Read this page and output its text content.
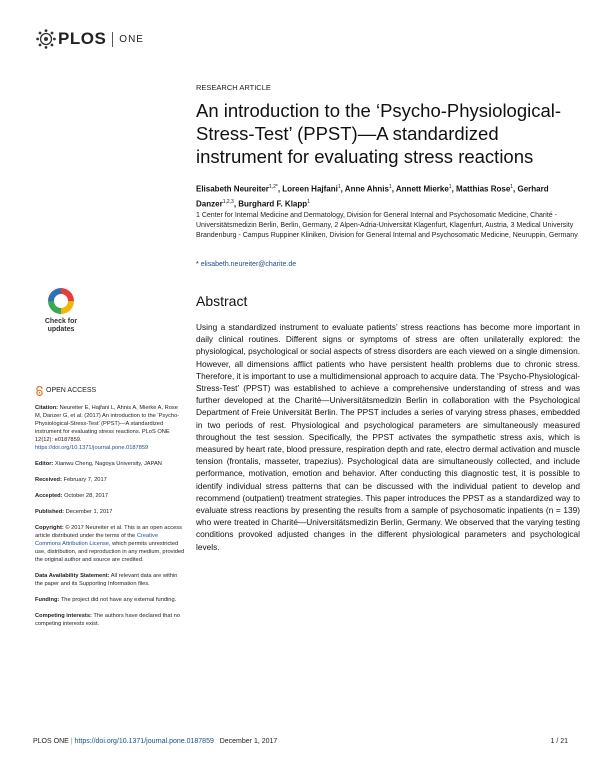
PLOS ONE
RESEARCH ARTICLE
An introduction to the ‘Psycho-Physiological-Stress-Test’ (PPST)—A standardized instrument for evaluating stress reactions
Elisabeth Neureiter$^{1,2*}$, Loreen Hajfani$^1$, Anne Ahnis$^1$, Annett Mierke$^1$, Matthias Rose$^1$, Gerhard Danzer$^{1,2,3}$, Burghard F. Klapp$^1$
1 Center for Internal Medicine and Dermatology, Division for General Internal and Psychosomatic Medicine, Charité - Universitätsmedizin Berlin, Berlin, Germany, 2 Alpen-Adria-Universität Klagenfurt, Klagenfurt, Austria, 3 Medical University Brandenburg - Campus Ruppiner Kliniken, Division for General Internal and Psychosomatic Medicine, Neuruppin, Germany
* elisabeth.neureiter@charite.de
Abstract

Using a standardized instrument to evaluate patients’ stress reactions has become more important in daily clinical routines. Different signs or symptoms of stress are often unilaterally explored: the physiological, psychological or social aspects of stress disorders are each viewed on a single dimension. However, all dimensions afflict patients who have persistent health problems due to chronic stress. Therefore, it is important to use a multidimensional approach to acquire data. The ‘Psycho-Physiological-Stress-Test’ (PPST) was established to achieve a comprehensive understanding of stress and was further developed at the Charité—Universitätsmedizin Berlin in collaboration with the Psychological Department of Freie Universität Berlin. The PPST includes a series of varying stress phases, embedded in two periods of rest. Physiological and psychological parameters are simultaneously measured throughout the test session. Specifically, the PPST activates the sympathetic stress axis, which is measured by heart rate, blood pressure, respiration depth and rate, electro dermal activation and muscle tension (frontalis, masseter, trapezius). Psychological data are simultaneously collected, and include performance, motivation, emotion and behavior. After conducting this diagnostic test, it is possible to identify individual stress patterns that can be discussed with the individual patient to develop and recommend (outpatient) treatment strategies. This paper introduces the PPST as a standardized way to evaluate stress reactions by presenting the results from a sample of psychosomatic inpatients (n = 139) who were treated in Charité—Universitätsmedizin Berlin, Germany. We observed that the varying testing conditions provoked adjusted changes in the different physiological parameters and psychological levels.

Check for
updates
OPEN ACCESS
Citation: Neureiter E, Hajfani L, Ahnis A, Mierke A, Rose M, Danzer G, et al. (2017) An introduction to the ‘Psycho-Physiological-Stress-Test’ (PPST)—A standardized instrument for evaluating stress reactions. PLoS ONE 12(12): e0187859. https://doi.org/10.1371/journal.pone.0187859
Editor: Xianwu Cheng, Nagoya University, JAPAN
Received: February 7, 2017
Accepted: October 28, 2017
Published: December 1, 2017
Copyright: © 2017 Neureiter et al. This is an open access article distributed under the terms of the Creative Commons Attribution License, which permits unrestricted use, distribution, and reproduction in any medium, provided the original author and source are credited.
Data Availability Statement: All relevant data are within the paper and its Supporting Information files.
Funding: The project did not have any external funding.
Competing interests: The authors have declared that no competing interests exist.
PLOS ONE | https://doi.org/10.1371/journal.pone.0187859 December 1, 2017	1 / 21
